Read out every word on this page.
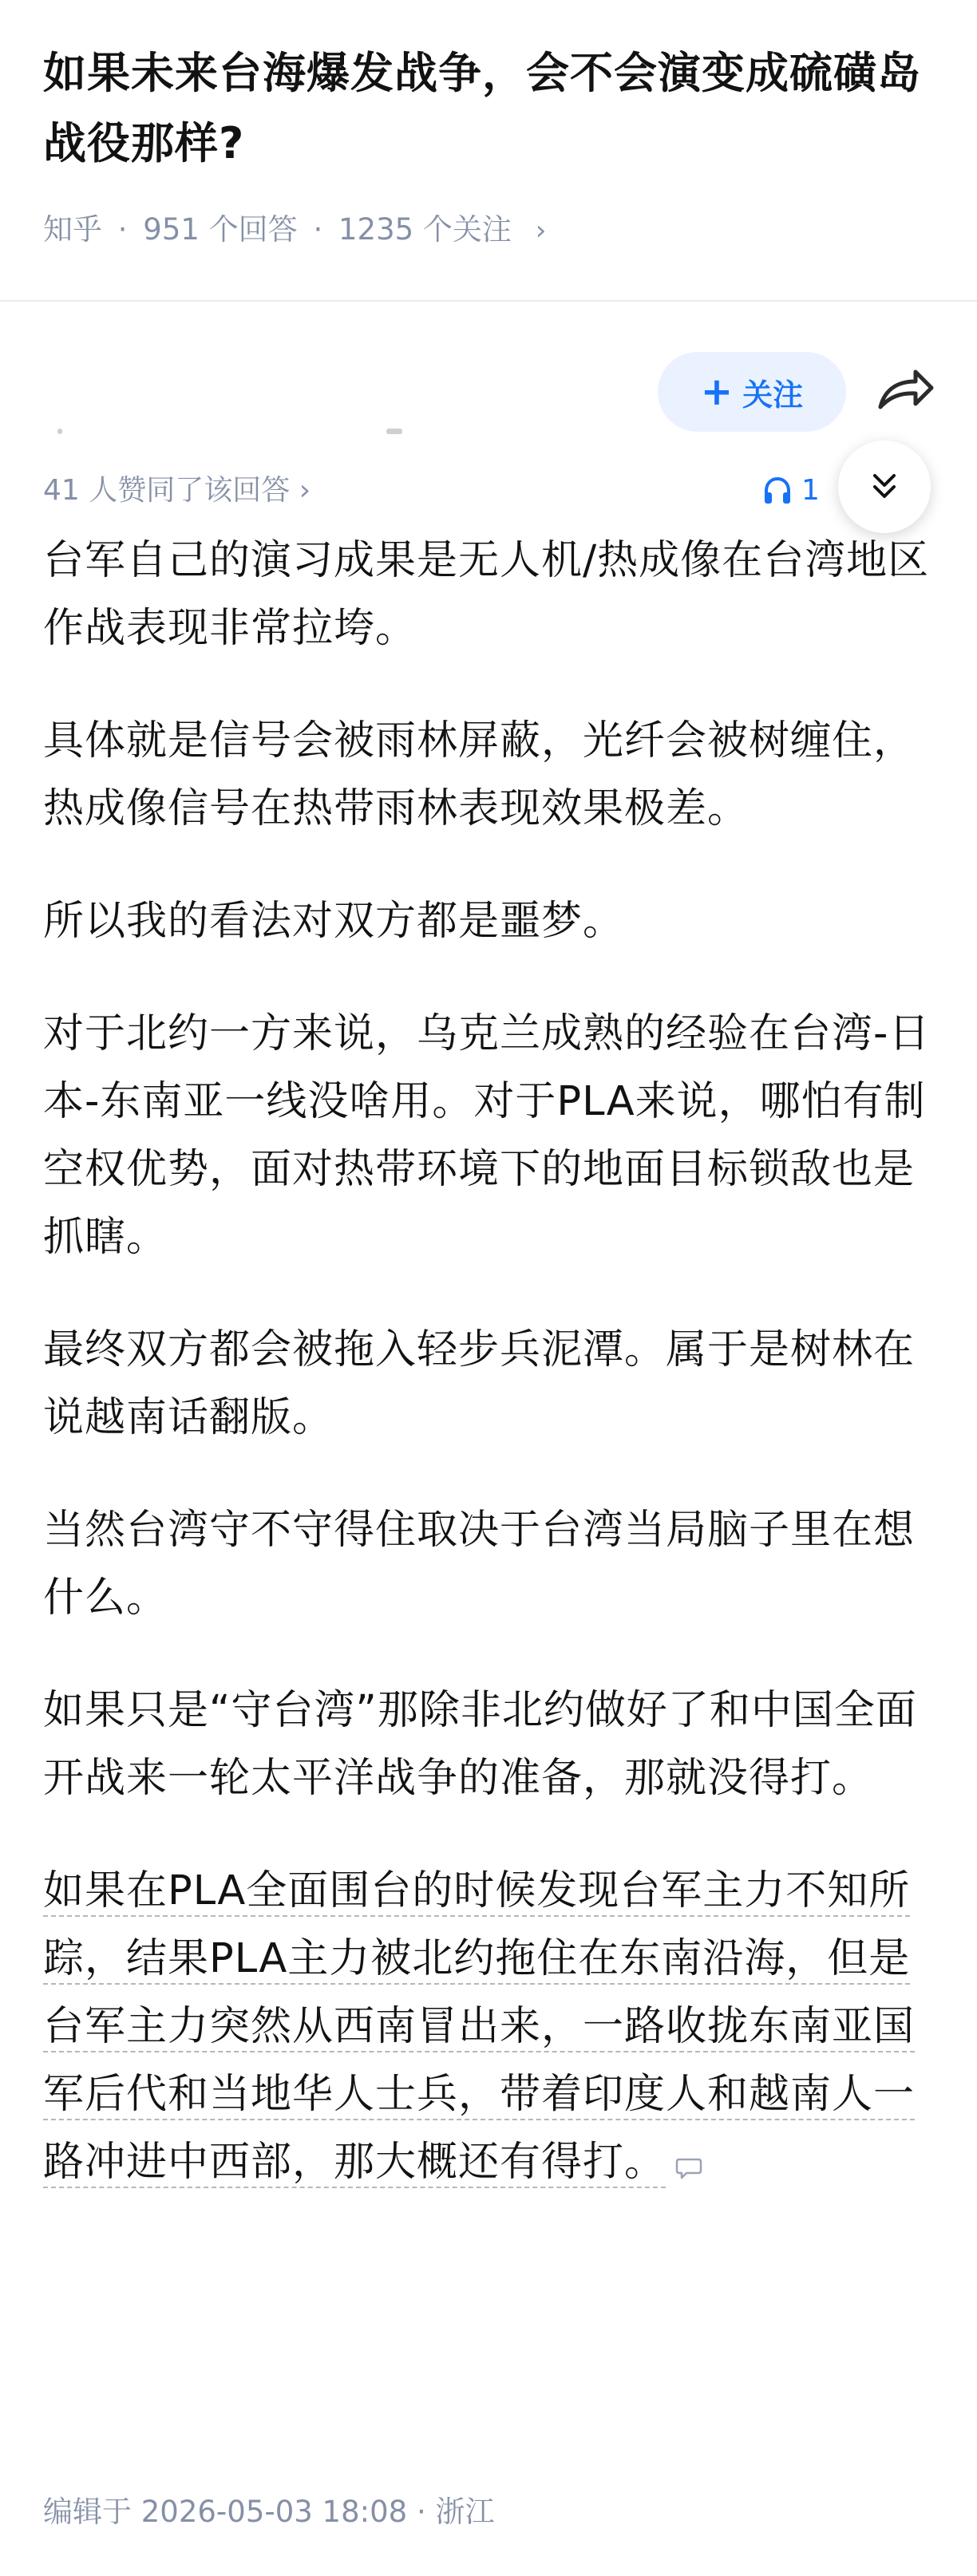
如果未来台海爆发战争，会不会演变成硫磺岛战役那样?
知乎 · 951 个回答 · 1235 个关注 ›
+ 关注
41 人赞同了该回答 ›	1

台军自己的演习成果是无人机/热成像在台湾地区作战表现非常拉垮。

具体就是信号会被雨林屏蔽，光纤会被树缠住，热成像信号在热带雨林表现效果极差。

所以我的看法对双方都是噩梦。

对于北约一方来说，乌克兰成熟的经验在台湾-日本-东南亚一线没啥用。对于PLA来说，哪怕有制空权优势，面对热带环境下的地面目标锁敌也是抓瞎。

最终双方都会被拖入轻步兵泥潭。属于是树林在说越南话翻版。

当然台湾守不守得住取决于台湾当局脑子里在想什么。

如果只是“守台湾”那除非北约做好了和中国全面开战来一轮太平洋战争的准备，那就没得打。

如果在PLA全面围台的时候发现台军主力不知所踪，结果PLA主力被北约拖住在东南沿海，但是台军主力突然从西南冒出来，一路收拢东南亚国军后代和当地华人士兵，带着印度人和越南人一路冲进中西部，那大概还有得打。

编辑于 2026-05-03 18:08 · 浙江
